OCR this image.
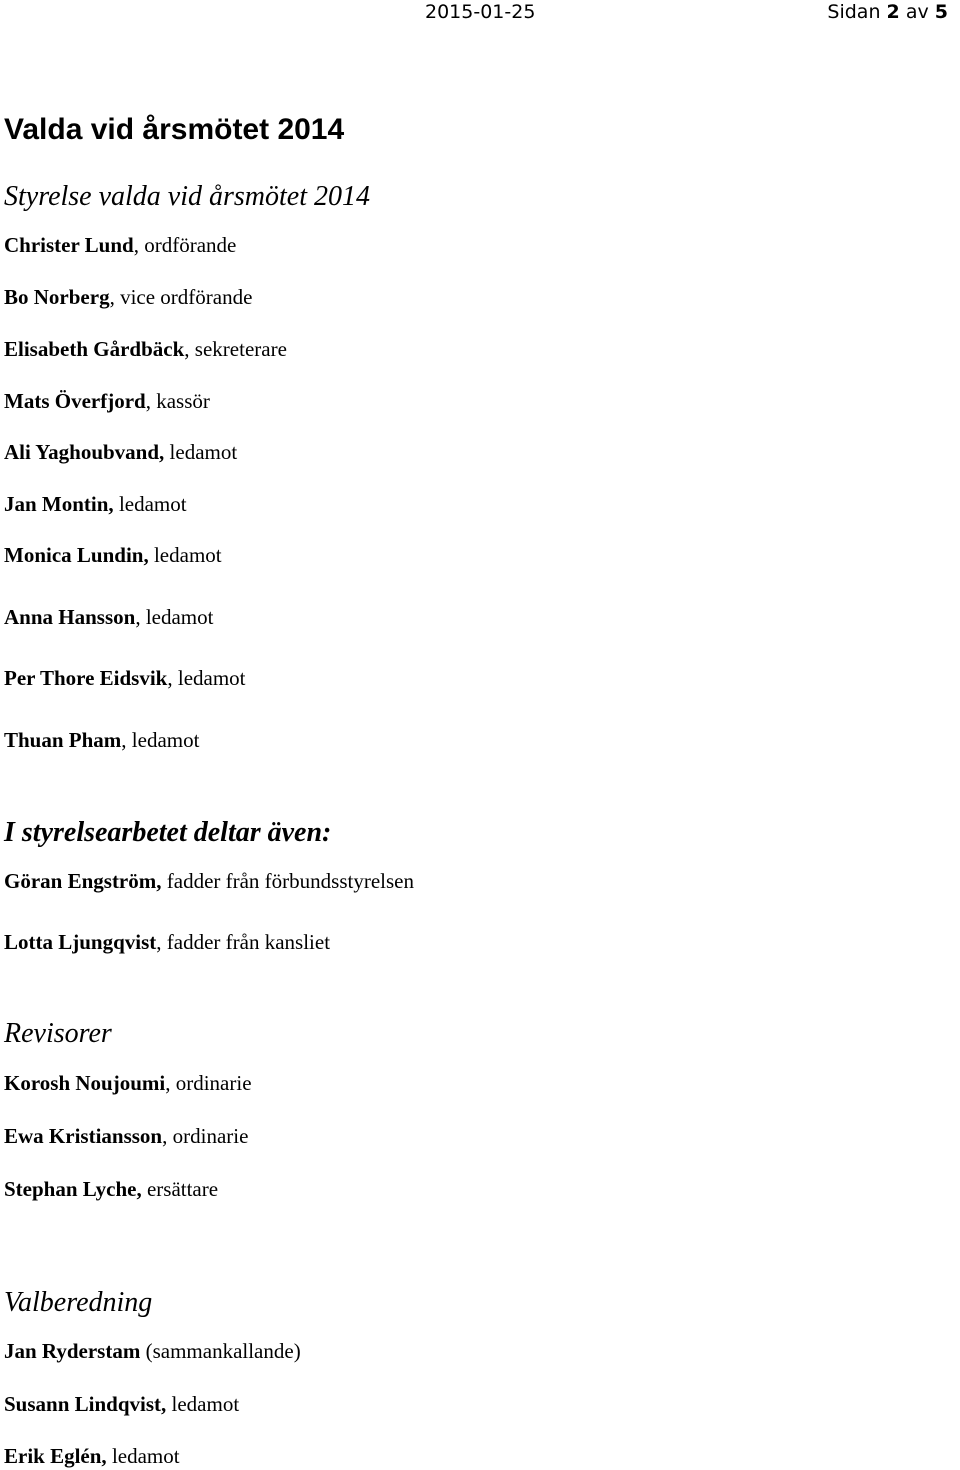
2015-01-25	Sidan 2 av 5
Valda vid årsmötet 2014
Styrelse valda vid årsmötet 2014
Christer Lund, ordförande
Bo Norberg, vice ordförande
Elisabeth Gårdbäck, sekreterare
Mats Överfjord, kassör
Ali Yaghoubvand, ledamot
Jan Montin, ledamot
Monica Lundin, ledamot
Anna Hansson, ledamot
Per Thore Eidsvik, ledamot
Thuan Pham, ledamot
I styrelsearbetet deltar även:
Göran Engström, fadder från förbundsstyrelsen
Lotta Ljungqvist, fadder från kansliet
Revisorer
Korosh Noujoumi, ordinarie
Ewa Kristiansson, ordinarie
Stephan Lyche, ersättare
Valberedning
Jan Ryderstam (sammankallande)
Susann Lindqvist, ledamot
Erik Eglén, ledamot
